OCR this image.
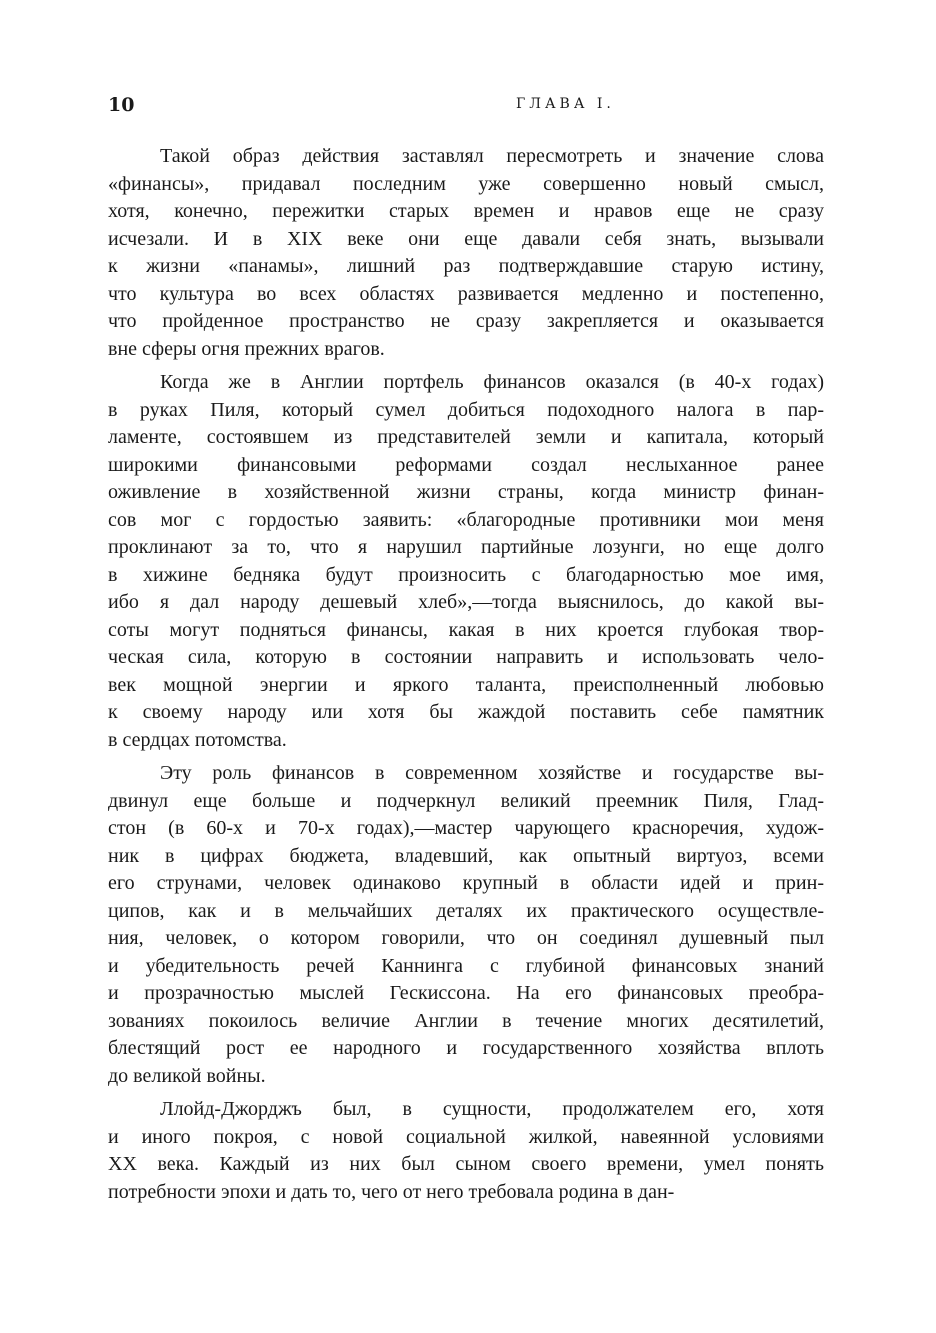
10	ГЛАВА I.
Такой образ действия заставлял пересмотреть и значение слова
«финансы», придавал последним уже совершенно новый смысл,
хотя, конечно, пережитки старых времен и нравов еще не сразу
исчезали. И в XIX веке они еще давали себя знать, вызывали
к жизни «панамы», лишний раз подтверждавшие старую истину,
что культура во всех областях развивается медленно и постепенно,
что пройденное пространство не сразу закрепляется и оказывается
вне сферы огня прежних врагов.
Когда же в Англии портфель финансов оказался (в 40-х годах)
в руках Пиля, который сумел добиться подоходного налога в пар-
ламенте, состоявшем из представителей земли и капитала, который
широкими финансовыми реформами создал неслыханное ранее
оживление в хозяйственной жизни страны, когда министр финан-
сов мог с гордостью заявить: «благородные противники мои меня
проклинают за то, что я нарушил партийные лозунги, но еще долго
в хижине бедняка будут произносить с благодарностью мое имя,
ибо я дал народу дешевый хлеб»,—тогда выяснилось, до какой вы-
соты могут подняться финансы, какая в них кроется глубокая твор-
ческая сила, которую в состоянии направить и использовать чело-
век мощной энергии и яркого таланта, преисполненный любовью
к своему народу или хотя бы жаждой поставить себе памятник
в сердцах потомства.
Эту роль финансов в современном хозяйстве и государстве вы-
двинул еще больше и подчеркнул великий преемник Пиля, Глад-
стон (в 60-х и 70-х годах),—мастер чарующего красноречия, худож-
ник в цифрах бюджета, владевший, как опытный виртуоз, всеми
его струнами, человек одинаково крупный в области идей и прин-
ципов, как и в мельчайших деталях их практического осуществле-
ния, человек, о котором говорили, что он соединял душевный пыл
и убедительность речей Каннинга с глубиной финансовых знаний
и прозрачностью мыслей Гескиссона. На его финансовых преобра-
зованиях покоилось величие Англии в течение многих десятилетий,
блестящий рост ее народного и государственного хозяйства вплоть
до великой войны.
Ллойд-Джорджъ был, в сущности, продолжателем его, хотя
и иного покроя, с новой социальной жилкой, навеянной условиями
XX века. Каждый из них был сыном своего времени, умел понять
потребности эпохи и дать то, чего от него требовала родина в дан-
